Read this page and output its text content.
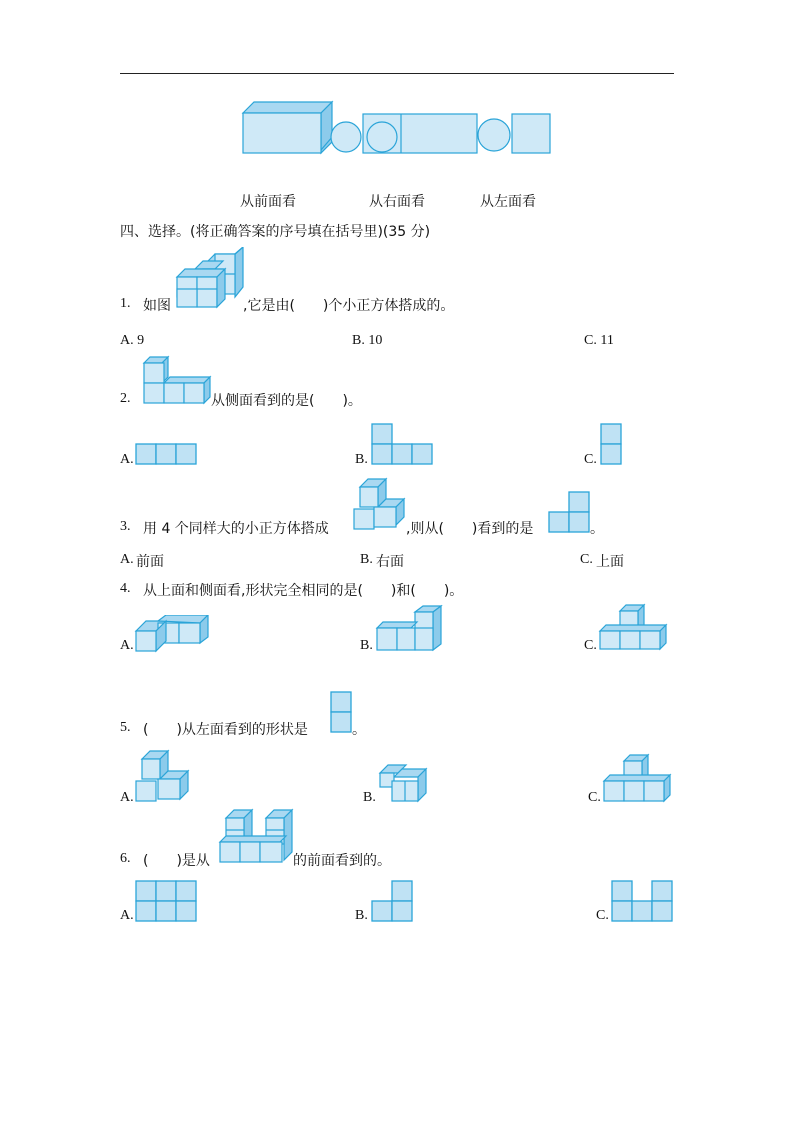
从前面看	从右面看	从左面看
四、选择。(将正确答案的序号填在括号里)(35 分)
1. 如图	,它是由(　　)个小正方体搭成的。
A. 9	B. 10	C. 11
2.	从侧面看到的是(　　)。
A.	B.	C.
3. 用 4 个同样大的小正方体搭成	,则从(　　)看到的是	。
A. 前面	B. 右面	C. 上面
4. 从上面和侧面看,形状完全相同的是(　　)和(　　)。
A.	B.	C.
5. (　　)从左面看到的形状是	。
A.	B.	C.
6. (　　)是从	的前面看到的。
A.	B.	C.
